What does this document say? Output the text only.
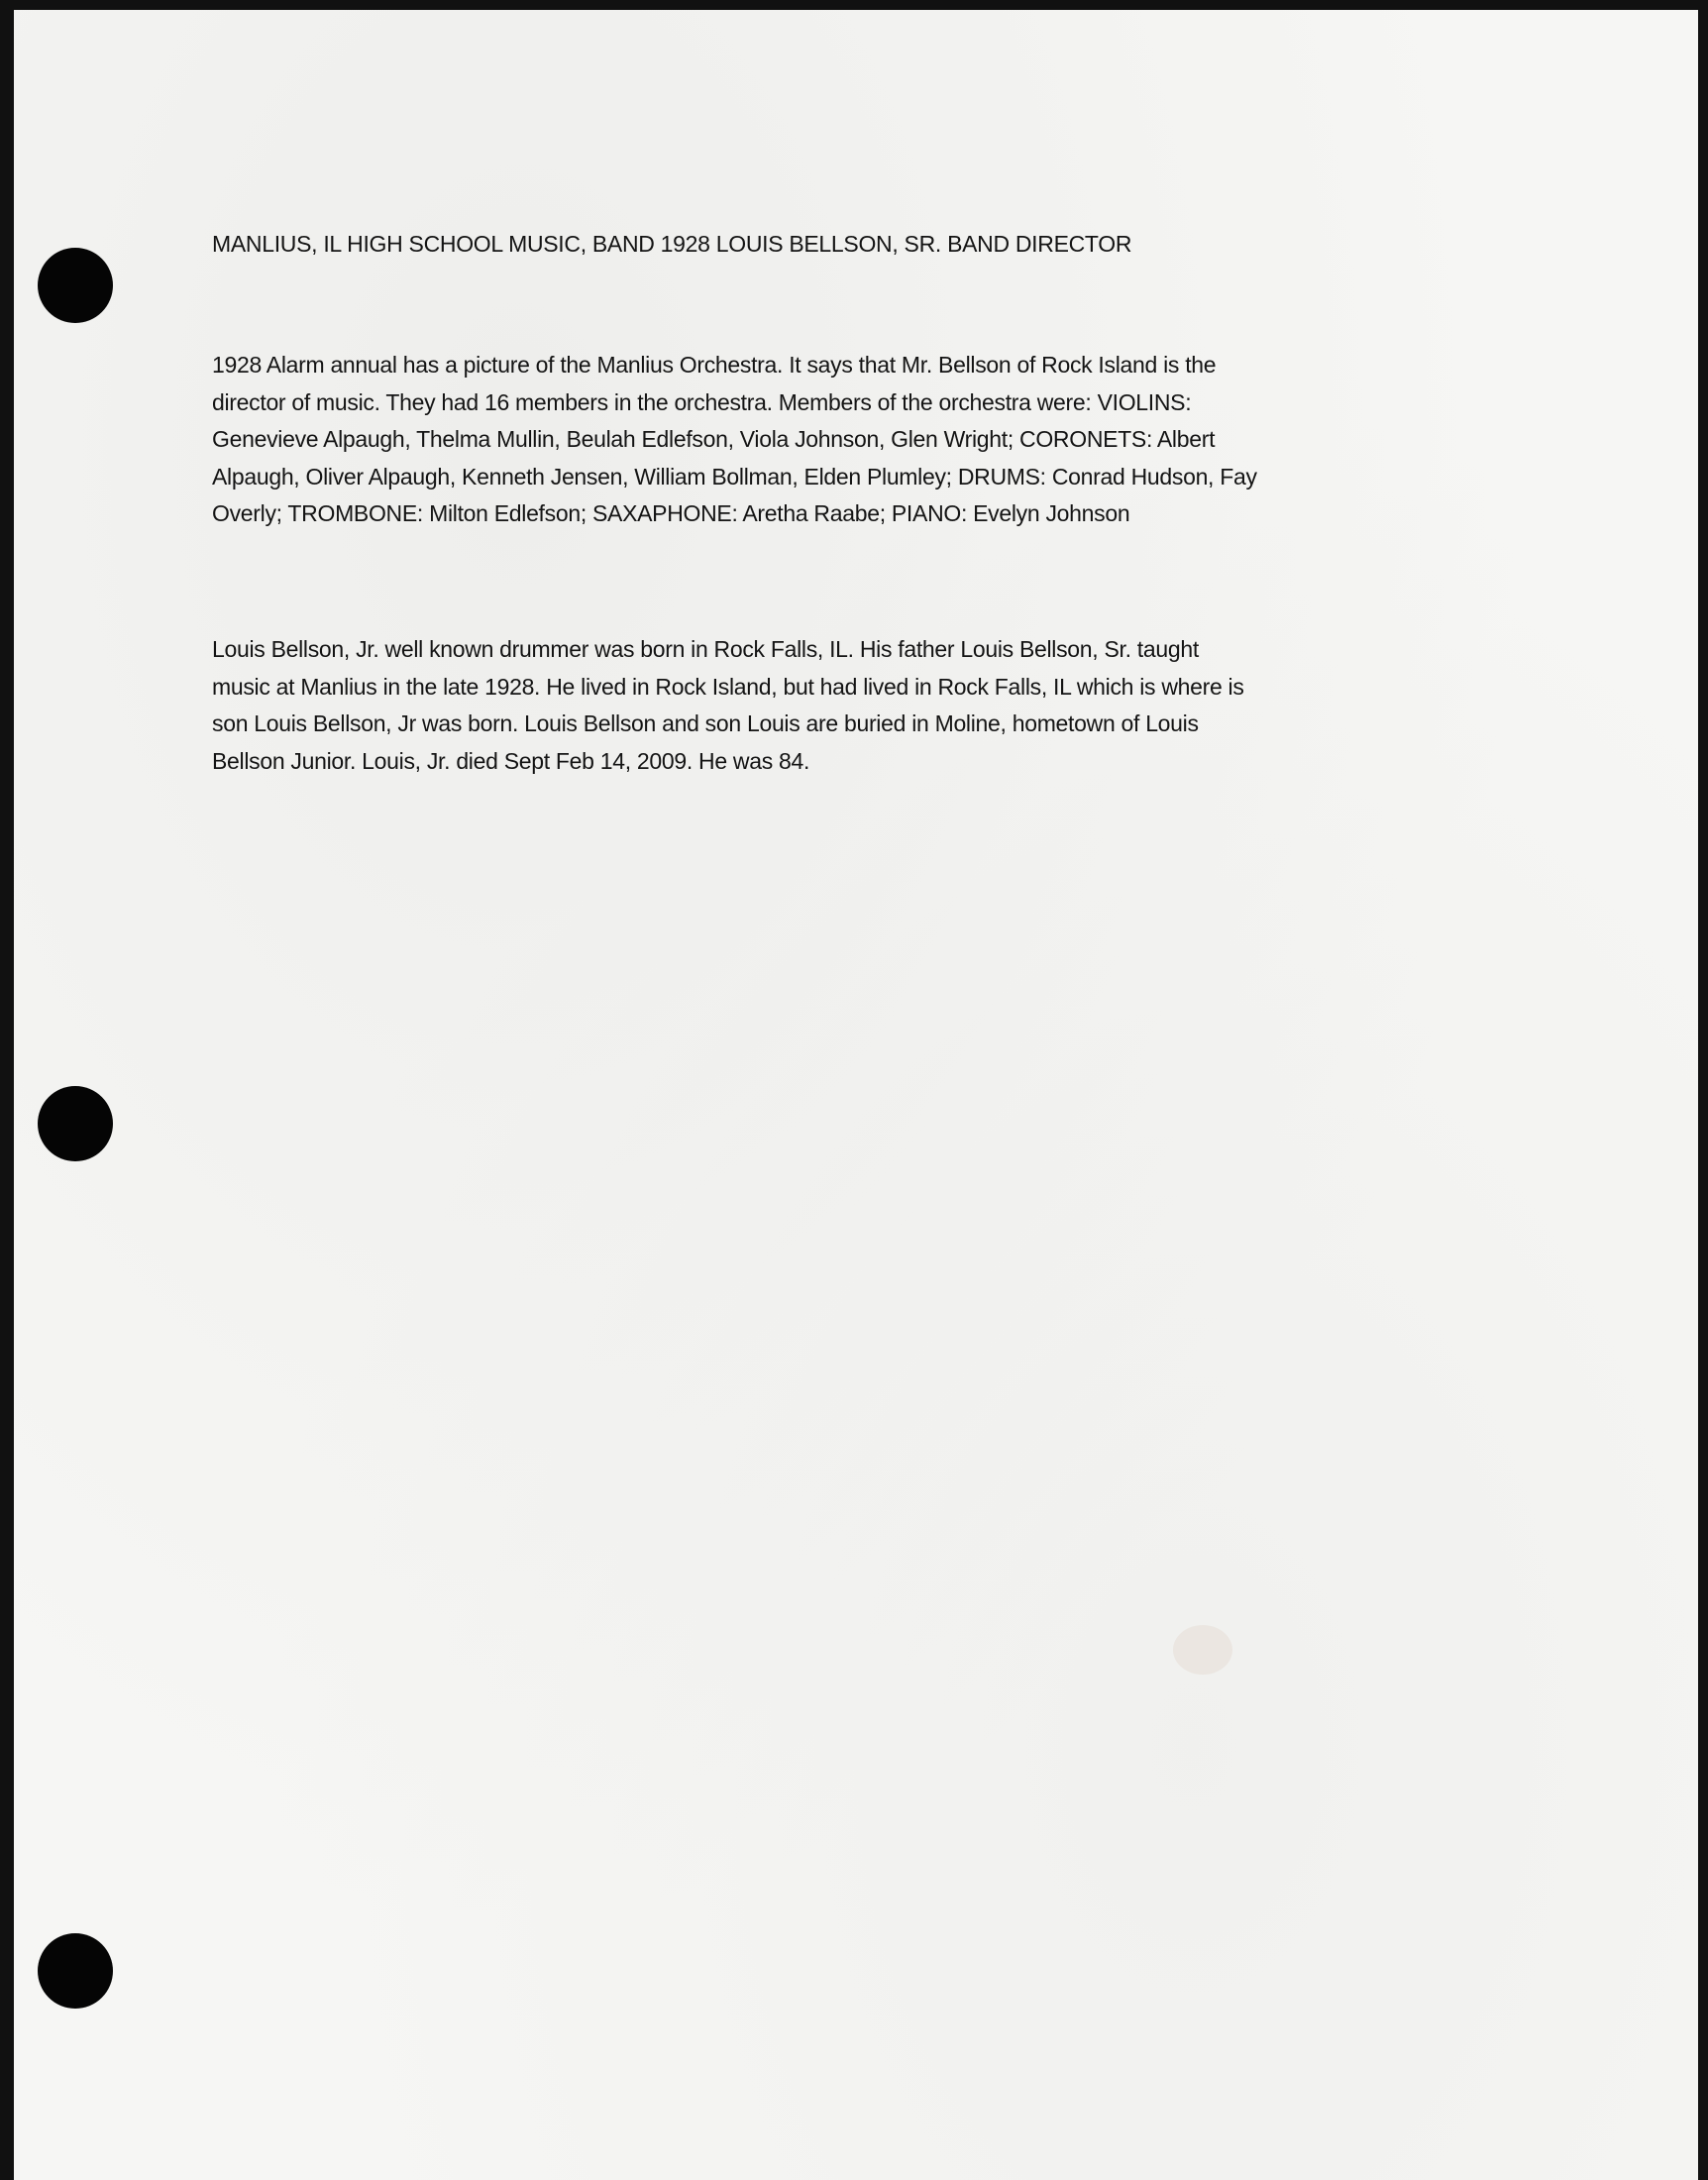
MANLIUS, IL HIGH SCHOOL MUSIC, BAND 1928 LOUIS BELLSON, SR. BAND DIRECTOR
1928 Alarm annual has a picture of the Manlius Orchestra. It says that Mr. Bellson of Rock Island is the
director of music. They had 16 members in the orchestra. Members of the orchestra were: VIOLINS:
Genevieve Alpaugh, Thelma Mullin, Beulah Edlefson, Viola Johnson, Glen Wright; CORONETS: Albert
Alpaugh, Oliver Alpaugh, Kenneth Jensen, William Bollman, Elden Plumley; DRUMS: Conrad Hudson, Fay
Overly; TROMBONE: Milton Edlefson; SAXAPHONE: Aretha Raabe; PIANO: Evelyn Johnson
Louis Bellson, Jr. well known drummer was born in Rock Falls, IL. His father Louis Bellson, Sr. taught
music at Manlius in the late 1928. He lived in Rock Island, but had lived in Rock Falls, IL which is where is
son Louis Bellson, Jr was born. Louis Bellson and son Louis are buried in Moline, hometown of Louis
Bellson Junior. Louis, Jr. died Sept Feb 14, 2009. He was 84.
